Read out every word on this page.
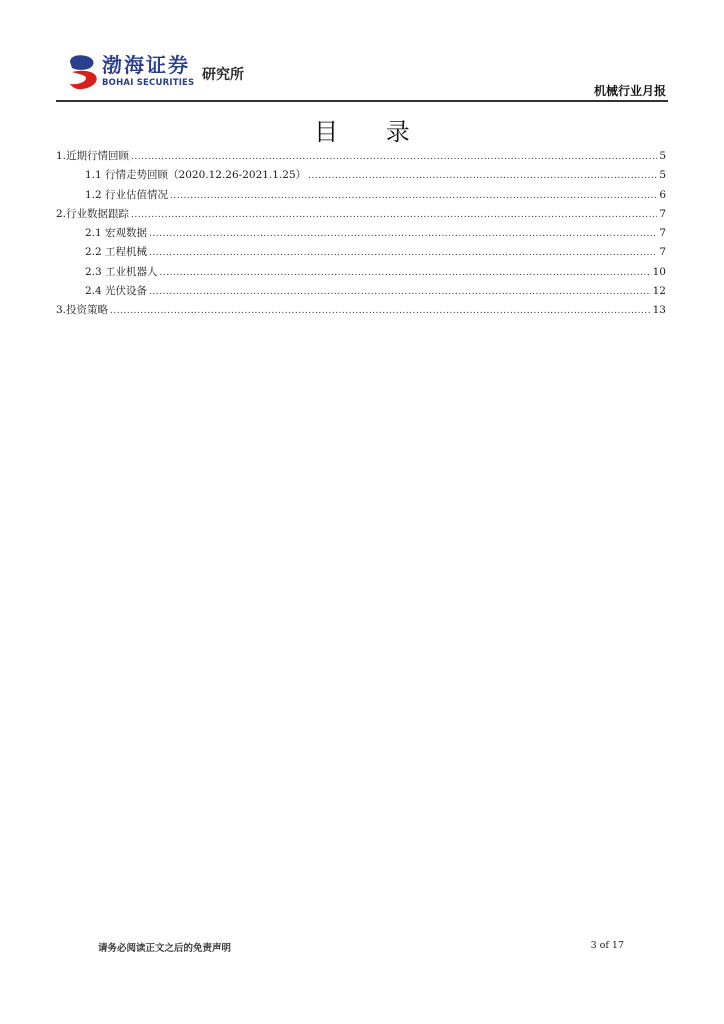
渤海证券
BOHAI SECURITIES 研究所
机械行业月报
目 录
1.近期行情回顾 .....	5
1.1 行情走势回顾（2020.12.26-2021.1.25） .....	5
1.2 行业估值情况 .....	6
2.行业数据跟踪 .....	7
2.1 宏观数据 .....	7
2.2 工程机械 .....	7
2.3 工业机器人 .....	10
2.4 光伏设备 .....	12
3.投资策略 .....	13
请务必阅读正文之后的免责声明	3 of 17
